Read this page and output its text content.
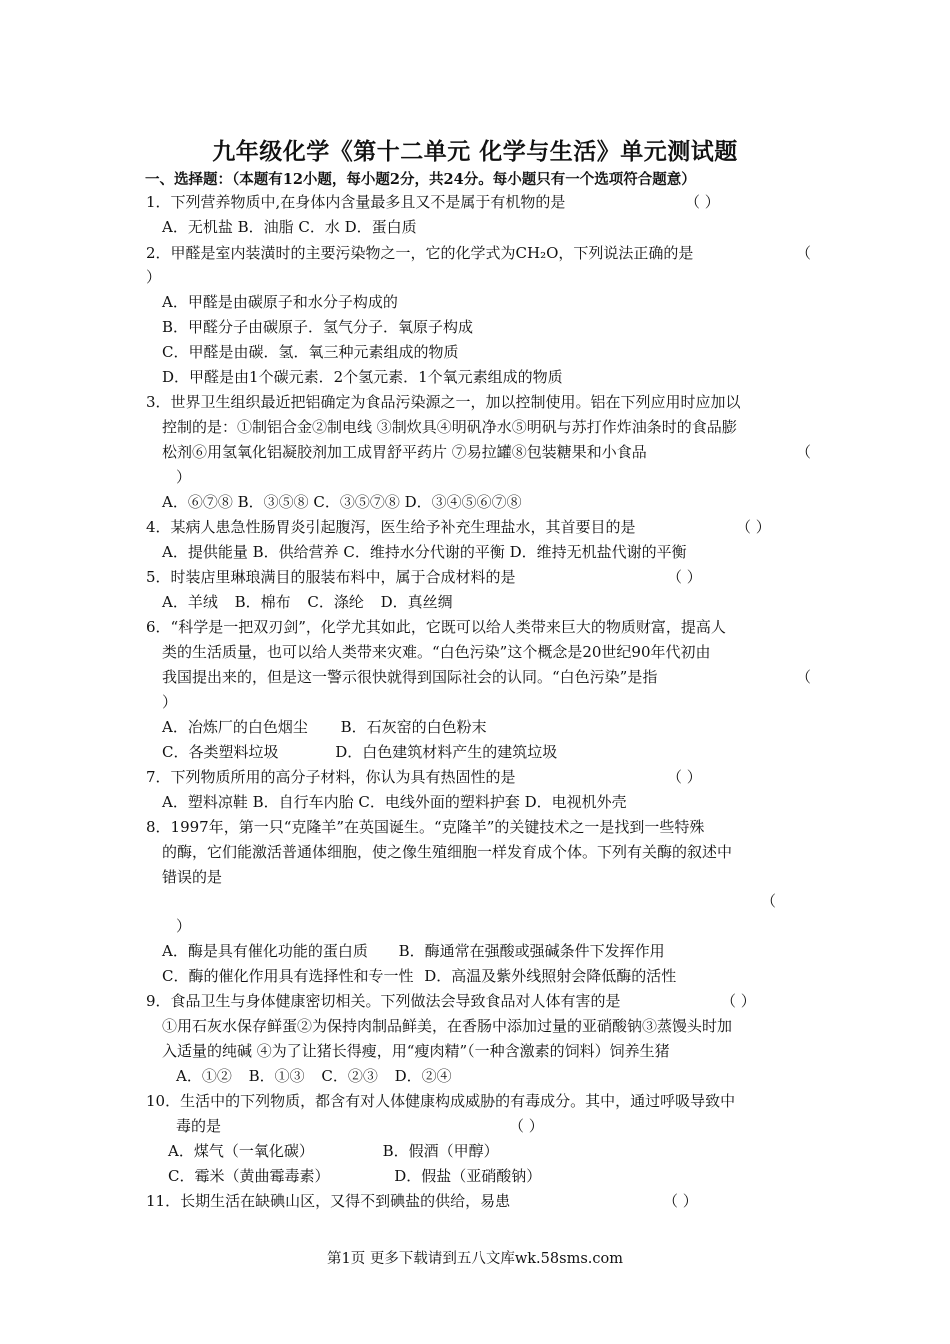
九年级化学《第十二单元 化学与生活》单元测试题
一、选择题：（本题有12小题，每小题2分，共24分。每小题只有一个选项符合题意）
1．下列营养物质中,在身体内含量最多且又不是属于有机物的是	（ ）
A．无机盐 B．油脂 C．水 D．蛋白质
2．甲醛是室内装潢时的主要污染物之一，它的化学式为CH₂O，下列说法正确的是	（
）
A．甲醛是由碳原子和水分子构成的
B．甲醛分子由碳原子．氢气分子．氧原子构成
C．甲醛是由碳．氢．氧三种元素组成的物质
D．甲醛是由1个碳元素．2个氢元素．1个氧元素组成的物质
3．世界卫生组织最近把铝确定为食品污染源之一，加以控制使用。铝在下列应用时应加以
控制的是：①制铝合金②制电线 ③制炊具④明矾净水⑤明矾与苏打作炸油条时的食品膨
松剂⑥用氢氧化铝凝胶剂加工成胃舒平药片 ⑦易拉罐⑧包装糖果和小食品	（
）
A．⑥⑦⑧ B．③⑤⑧ C．③⑤⑦⑧ D．③④⑤⑥⑦⑧
4．某病人患急性肠胃炎引起腹泻，医生给予补充生理盐水，其首要目的是	（ ）
A．提供能量 B．供给营养 C．维持水分代谢的平衡 D．维持无机盐代谢的平衡
5．时装店里琳琅满目的服装布料中，属于合成材料的是	（ ）
A．羊绒 B．棉布 C．涤纶 D．真丝绸
6．“科学是一把双刃剑”，化学尤其如此，它既可以给人类带来巨大的物质财富，提高人
类的生活质量，也可以给人类带来灾难。“白色污染”这个概念是20世纪90年代初由
我国提出来的，但是这一警示很快就得到国际社会的认同。“白色污染”是指	（
）
A．冶炼厂的白色烟尘 B．石灰窑的白色粉末
C．各类塑料垃圾 D．白色建筑材料产生的建筑垃圾
7．下列物质所用的高分子材料，你认为具有热固性的是	（ ）
A．塑料凉鞋 B．自行车内胎 C．电线外面的塑料护套 D．电视机外壳
8．1997年，第一只“克隆羊”在英国诞生。“克隆羊”的关键技术之一是找到一些特殊
的酶，它们能激活普通体细胞，使之像生殖细胞一样发育成个体。下列有关酶的叙述中
错误的是
（
）
A．酶是具有催化功能的蛋白质 B．酶通常在强酸或强碱条件下发挥作用
C．酶的催化作用具有选择性和专一性 D．高温及紫外线照射会降低酶的活性
9．食品卫生与身体健康密切相关。下列做法会导致食品对人体有害的是	（ ）
①用石灰水保存鲜蛋②为保持肉制品鲜美，在香肠中添加过量的亚硝酸钠③蒸馒头时加
入适量的纯碱 ④为了让猪长得瘦，用“瘦肉精”（一种含激素的饲料）饲养生猪
A．①② B．①③ C．②③ D．②④
10．生活中的下列物质，都含有对人体健康构成威胁的有毒成分。其中，通过呼吸导致中
毒的是	（ ）
A．煤气（一氧化碳） B．假酒（甲醇）
C．霉米（黄曲霉毒素） D．假盐（亚硝酸钠）
11．长期生活在缺碘山区，又得不到碘盐的供给，易患	（ ）
第1页 更多下载请到五八文库wk.58sms.com
